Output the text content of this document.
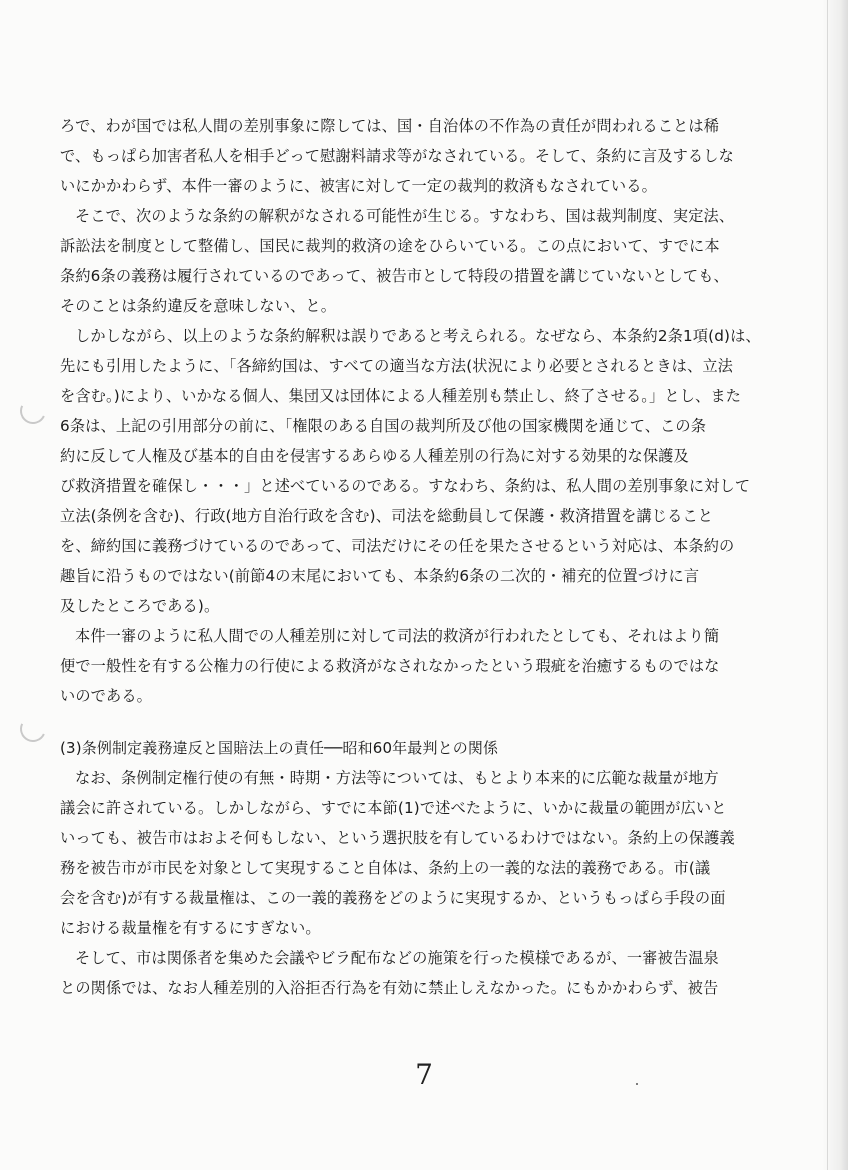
ろで、わが国では私人間の差別事象に際しては、国・自治体の不作為の責任が問われることは稀
で、もっぱら加害者私人を相手どって慰謝料請求等がなされている。そして、条約に言及するしな
いにかかわらず、本件一審のように、被害に対して一定の裁判的救済もなされている。
そこで、次のような条約の解釈がなされる可能性が生じる。すなわち、国は裁判制度、実定法、
訴訟法を制度として整備し、国民に裁判的救済の途をひらいている。この点において、すでに本
条約6条の義務は履行されているのであって、被告市として特段の措置を講じていないとしても、
そのことは条約違反を意味しない、と。
しかしながら、以上のような条約解釈は誤りであると考えられる。なぜなら、本条約2条1項(d)は、
先にも引用したように、「各締約国は、すべての適当な方法(状況により必要とされるときは、立法
を含む。)により、いかなる個人、集団又は団体による人種差別も禁止し、終了させる。」とし、また
6条は、上記の引用部分の前に、「権限のある自国の裁判所及び他の国家機関を通じて、この条
約に反して人権及び基本的自由を侵害するあらゆる人種差別の行為に対する効果的な保護及
び救済措置を確保し・・・」と述べているのである。すなわち、条約は、私人間の差別事象に対して
立法(条例を含む)、行政(地方自治行政を含む)、司法を総動員して保護・救済措置を講じること
を、締約国に義務づけているのであって、司法だけにその任を果たさせるという対応は、本条約の
趣旨に沿うものではない(前節4の末尾においても、本条約6条の二次的・補充的位置づけに言
及したところである)。
本件一審のように私人間での人種差別に対して司法的救済が行われたとしても、それはより簡
便で一般性を有する公権力の行使による救済がなされなかったという瑕疵を治癒するものではな
いのである。
(3)条例制定義務違反と国賠法上の責任──昭和60年最判との関係
なお、条例制定権行使の有無・時期・方法等については、もとより本来的に広範な裁量が地方
議会に許されている。しかしながら、すでに本節(1)で述べたように、いかに裁量の範囲が広いと
いっても、被告市はおよそ何もしない、という選択肢を有しているわけではない。条約上の保護義
務を被告市が市民を対象として実現すること自体は、条約上の一義的な法的義務である。市(議
会を含む)が有する裁量権は、この一義的義務をどのように実現するか、というもっぱら手段の面
における裁量権を有するにすぎない。
そして、市は関係者を集めた会議やビラ配布などの施策を行った模様であるが、一審被告温泉
との関係では、なお人種差別的入浴拒否行為を有効に禁止しえなかった。にもかかわらず、被告
7
